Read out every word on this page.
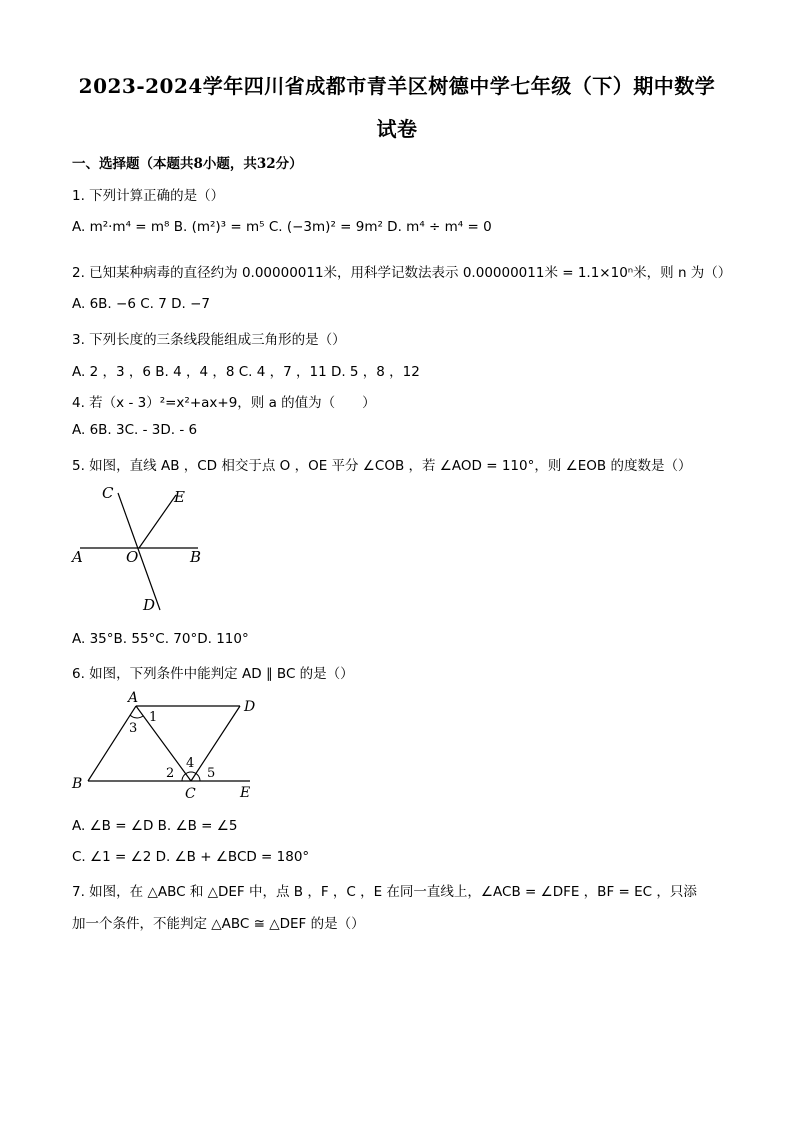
2023-2024学年四川省成都市青羊区树德中学七年级（下）期中数学
试卷
一、选择题（本题共8小题，共32分）
1. 下列计算正确的是（）
A. m²·m⁴ = m⁸ B. (m²)³ = m⁵ C. (−3m)² = 9m² D. m⁴ ÷ m⁴ = 0
2. 已知某种病毒的直径约为 0.00000011米，用科学记数法表示 0.00000011米 = 1.1×10ⁿ米，则 n 为（）
A. 6B. −6 C. 7 D. −7
3. 下列长度的三条线段能组成三角形的是（）
A. 2 ，3 ，6 B. 4 ，4 ，8 C. 4 ，7 ，11 D. 5 ，8 ，12
4. 若（x - 3）²=x²+ax+9，则 a 的值为（　　）
A. 6B. 3C. - 3D. - 6
5. 如图，直线 AB ，CD 相交于点 O ，OE 平分 ∠COB ，若 ∠AOD = 110°，则 ∠EOB 的度数是（）
C	E
A	O	B
D
A. 35°B. 55°C. 70°D. 110°
6. 如图，下列条件中能判定 AD ∥ BC 的是（）
A
D
1
3
4
2	5
B
C	E
A. ∠B = ∠D B. ∠B = ∠5
C. ∠1 = ∠2 D. ∠B + ∠BCD = 180°
7. 如图，在 △ABC 和 △DEF 中，点 B ，F ，C ，E 在同一直线上，∠ACB = ∠DFE ，BF = EC ，只添
加一个条件，不能判定 △ABC ≅ △DEF 的是（）
